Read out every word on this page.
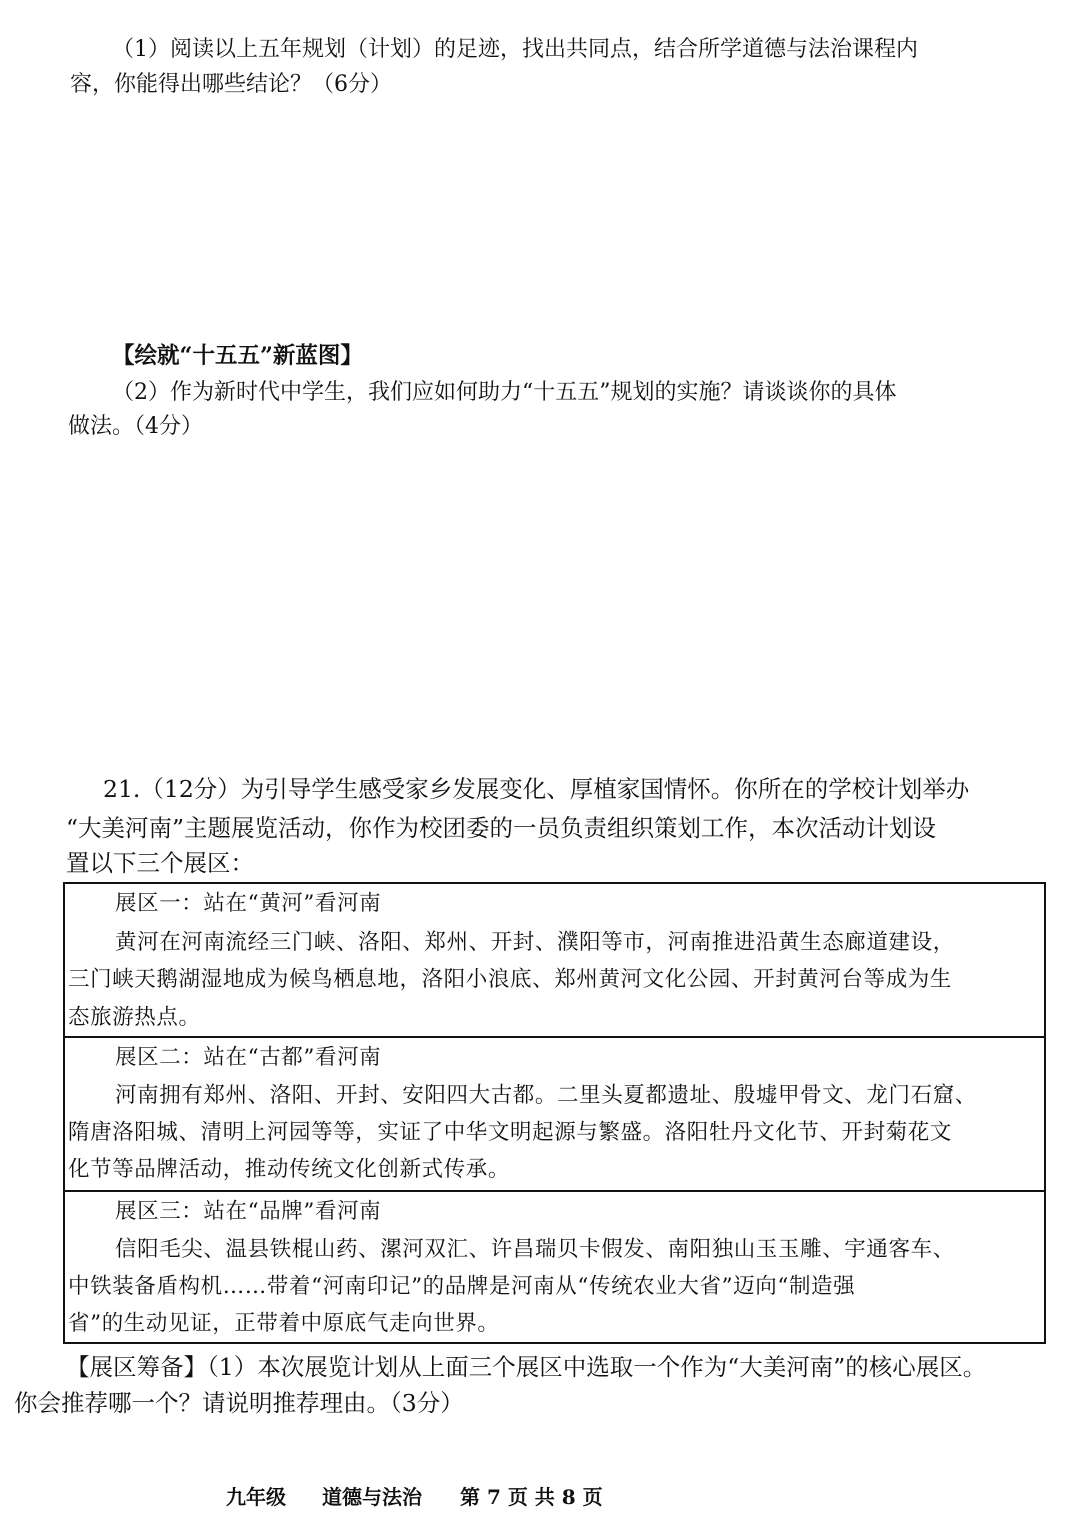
（1）阅读以上五年规划（计划）的足迹，找出共同点，结合所学道德与法治课程内
容，你能得出哪些结论？（6分）
【绘就“十五五”新蓝图】
（2）作为新时代中学生，我们应如何助力“十五五”规划的实施？请谈谈你的具体
做法。（4分）
21.（12分）为引导学生感受家乡发展变化、厚植家国情怀。你所在的学校计划举办
“大美河南”主题展览活动，你作为校团委的一员负责组织策划工作，本次活动计划设
置以下三个展区：
展区一：站在“黄河”看河南
黄河在河南流经三门峡、洛阳、郑州、开封、濮阳等市，河南推进沿黄生态廊道建设，
三门峡天鹅湖湿地成为候鸟栖息地，洛阳小浪底、郑州黄河文化公园、开封黄河台等成为生
态旅游热点。
展区二：站在“古都”看河南
河南拥有郑州、洛阳、开封、安阳四大古都。二里头夏都遗址、殷墟甲骨文、龙门石窟、
隋唐洛阳城、清明上河园等等，实证了中华文明起源与繁盛。洛阳牡丹文化节、开封菊花文
化节等品牌活动，推动传统文化创新式传承。
展区三：站在“品牌”看河南
信阳毛尖、温县铁棍山药、漯河双汇、许昌瑞贝卡假发、南阳独山玉玉雕、宇通客车、
中铁装备盾构机……带着“河南印记”的品牌是河南从“传统农业大省”迈向“制造强
省”的生动见证，正带着中原底气走向世界。
【展区筹备】（1）本次展览计划从上面三个展区中选取一个作为“大美河南”的核心展区。
你会推荐哪一个？请说明推荐理由。（3分）
九年级 道德与法治 第 7 页 共 8 页
